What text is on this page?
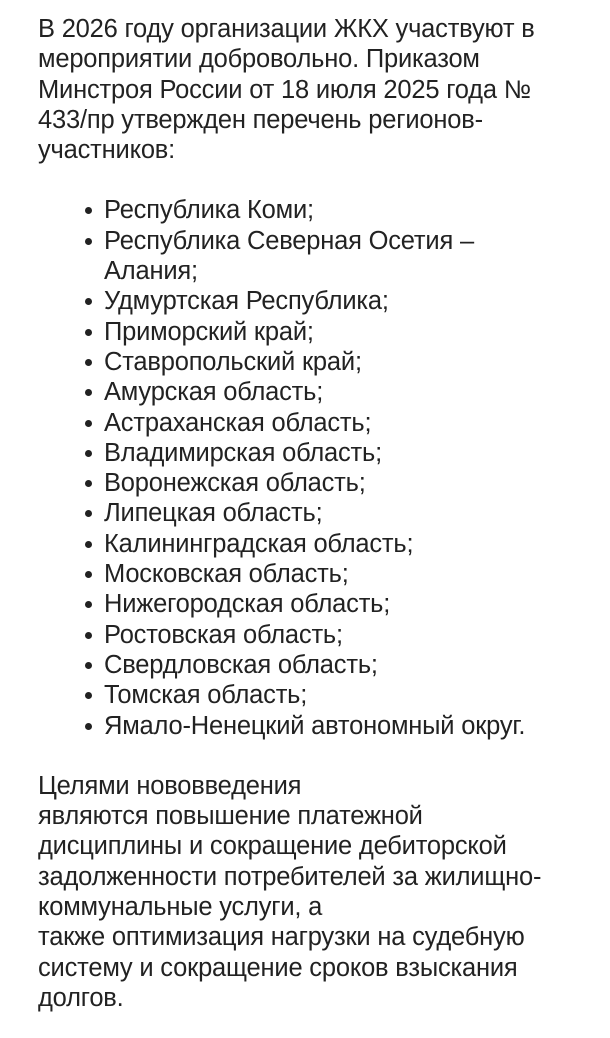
В 2026 году организации ЖКХ участвуют в
мероприятии добровольно. Приказом
Минстроя России от 18 июля 2025 года №
433/пр утвержден перечень регионов-
участников:

Республика Коми;
Республика Северная Осетия –
Алания;
Удмуртская Республика;
Приморский край;
Ставропольский край;
Амурская область;
Астраханская область;
Владимирская область;
Воронежская область;
Липецкая область;
Калининградская область;
Московская область;
Нижегородская область;
Ростовская область;
Свердловская область;
Томская область;
Ямало-Ненецкий автономный округ.

Целями нововведения
являются повышение платежной
дисциплины и сокращение дебиторской
задолженности потребителей за жилищно-
коммунальные услуги, а
также оптимизация нагрузки на судебную
систему и сокращение сроков взыскания
долгов.
